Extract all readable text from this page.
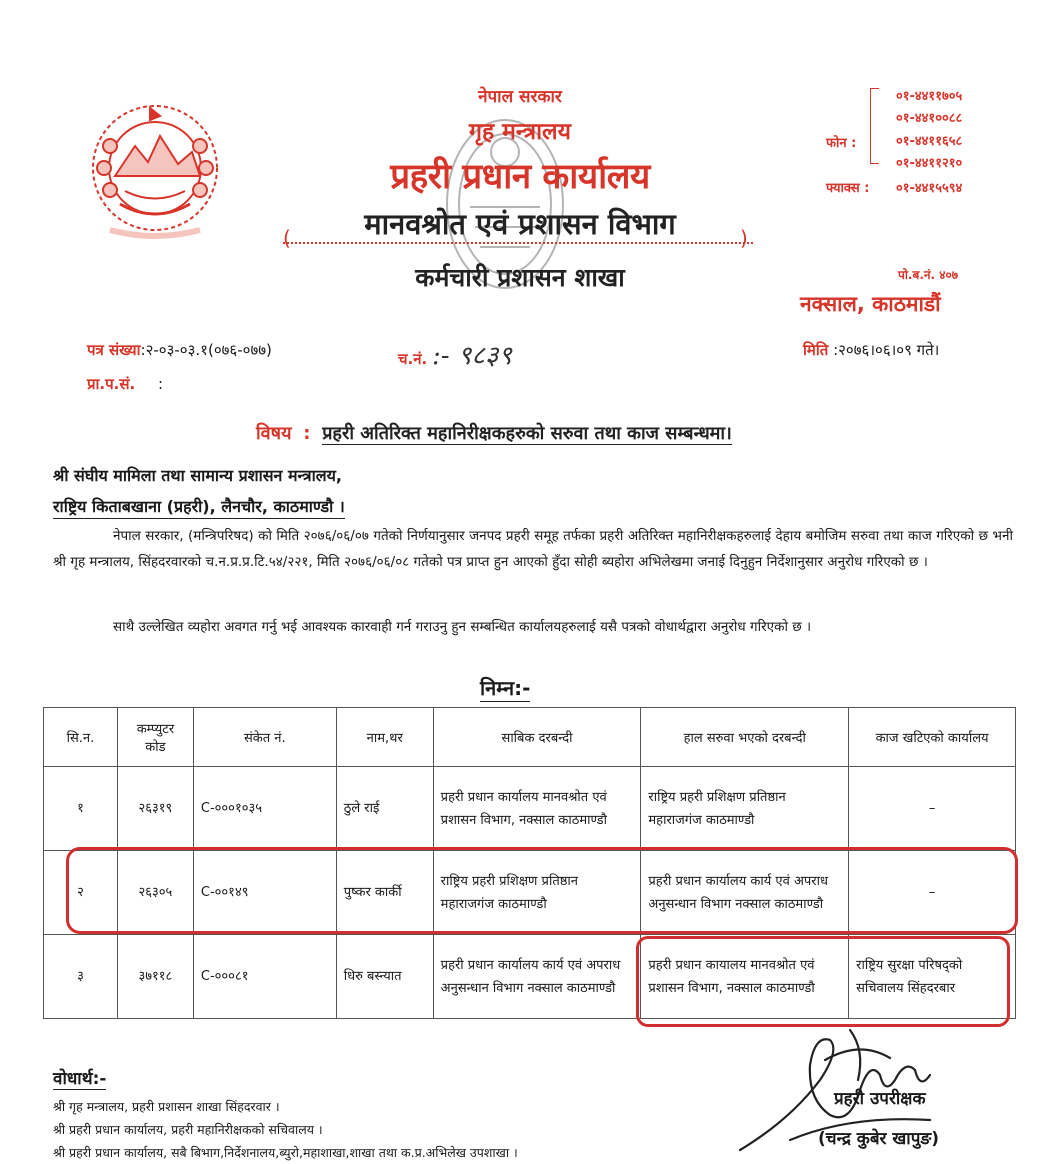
नेपाल सरकार
गृह मन्त्रालय
प्रहरी प्रधान कार्यालय
मानवश्रोत एवं प्रशासन विभाग
(	)
कर्मचारी प्रशासन शाखा
फोन :
०१-४४११७०५
०१-४४१००८८
०१-४४११६५८
०१-४४११२१०
फ्याक्स : ०१-४४१५५९४
पो.ब.नं. ४०७
नक्साल, काठमाडौं
पत्र संख्या:२-०३-०३.१(०७६-०७७)	च.नं. :- ९८३९	मिति :२०७६।०६।०९ गते।
प्रा.प.सं. :
विषय : प्रहरी अतिरिक्त महानिरीक्षकहरुको सरुवा तथा काज सम्बन्धमा।
श्री संघीय मामिला तथा सामान्य प्रशासन मन्त्रालय,
राष्ट्रिय किताबखाना (प्रहरी), लैनचौर, काठमाण्डौ ।
नेपाल सरकार, (मन्त्रिपरिषद) को मिति २०७६/०६/०७ गतेको निर्णयानुसार जनपद प्रहरी समूह तर्फका प्रहरी अतिरिक्त महानिरीक्षकहरुलाई देहाय बमोजिम सरुवा तथा काज गरिएको छ भनी श्री गृह मन्त्रालय, सिंहदरवारको च.न.प्र.प्र.टि.५४/२२१, मिति २०७६/०६/०८ गतेको पत्र प्राप्त हुन आएको हुँदा सोही ब्यहोरा अभिलेखमा जनाई दिनुहुन निर्देशानुसार अनुरोध गरिएको छ ।
साथै उल्लेखित व्यहोरा अवगत गर्नु भई आवश्यक कारवाही गर्न गराउनु हुन सम्बन्धित कार्यालयहरुलाई यसै पत्रको वोधार्थद्वारा अनुरोध गरिएको छ ।
निम्न:-
सि.न.	कम्प्युटर कोड	संकेत नं.	नाम,थर	साबिक दरबन्दी	हाल सरुवा भएको दरबन्दी	काज खटिएको कार्यालय
१	२६३१९	C-०००१०३५	ठुले राई	प्रहरी प्रधान कार्यालय मानवश्रोत एवं प्रशासन विभाग, नक्साल काठमाण्डौ	राष्ट्रिय प्रहरी प्रशिक्षण प्रतिष्ठान महाराजगंज काठमाण्डौ	–
२	२६३०५	C-००१४९	पुष्कर कार्की	राष्ट्रिय प्रहरी प्रशिक्षण प्रतिष्ठान महाराजगंज काठमाण्डौ	प्रहरी प्रधान कार्यालय कार्य एवं अपराध अनुसन्धान विभाग नक्साल काठमाण्डौ	–
३	३७११८	C-०००८१	धिरु बस्न्यात	प्रहरी प्रधान कार्यालय कार्य एवं अपराध अनुसन्धान विभाग नक्साल काठमाण्डौ	प्रहरी प्रधान कायालय मानवश्रोत एवं प्रशासन विभाग, नक्साल काठमाण्डौ	राष्ट्रिय सुरक्षा परिषद्को सचिवालय सिंहदरबार
वोधार्थ:-
श्री गृह मन्त्रालय, प्रहरी प्रशासन शाखा सिंहदरवार ।
श्री प्रहरी प्रधान कार्यालय, प्रहरी महानिरीक्षकको सचिवालय ।
श्री प्रहरी प्रधान कार्यालय, सबै बिभाग,निर्देशनालय,ब्युरो,महाशाखा,शाखा तथा क.प्र.अभिलेख उपशाखा ।
प्रहरी उपरीक्षक
(चन्द्र कुबेर खापुङ)
